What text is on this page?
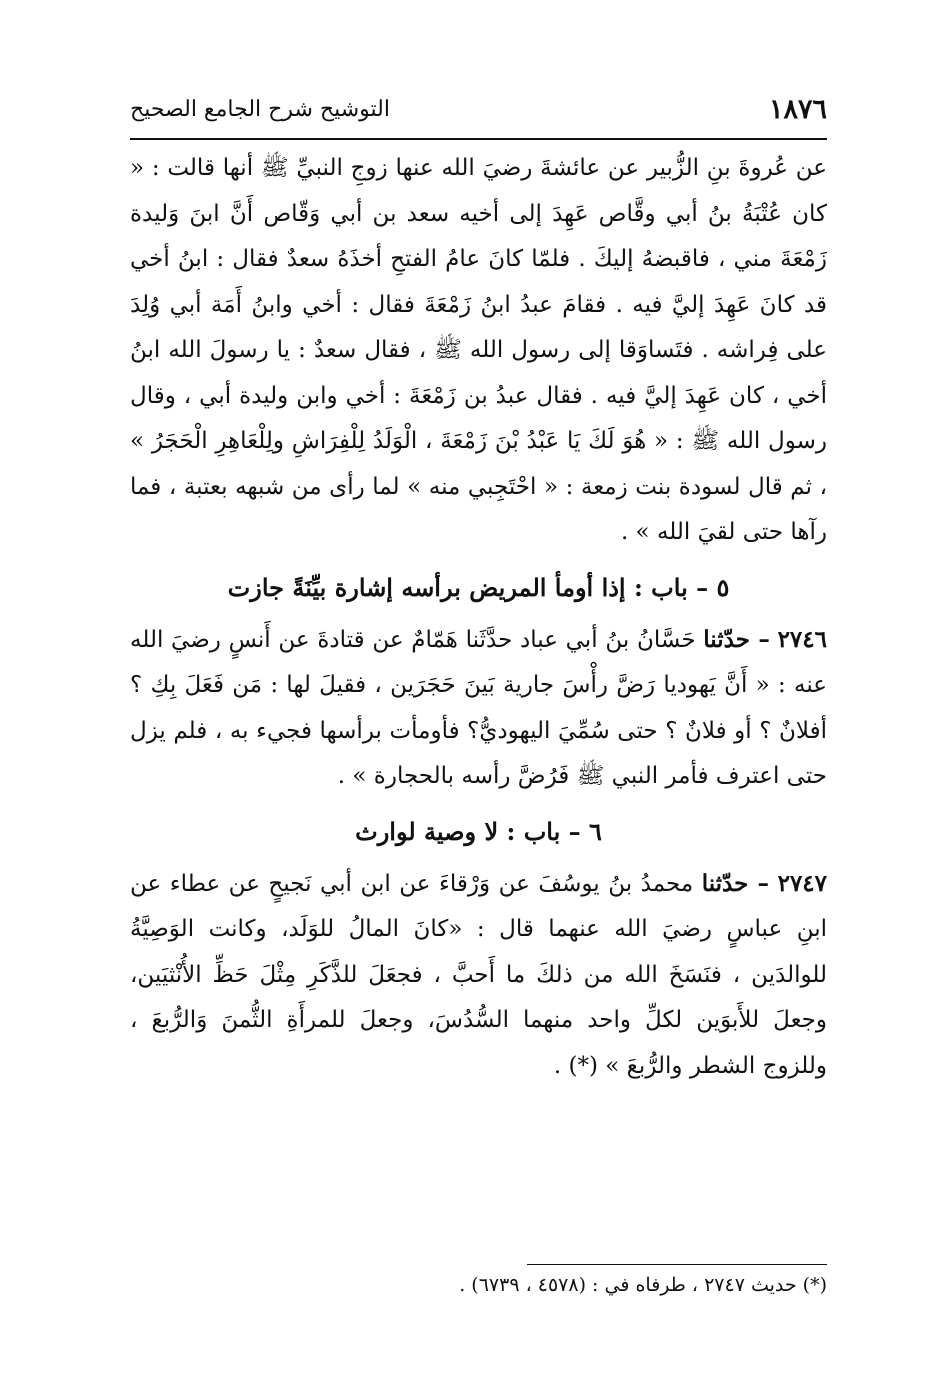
١٨٧٦
التوشيح شرح الجامع الصحيح

عن عُروةَ بنِ الزُّبير عن عائشةَ رضيَ الله عنها زوجِ النبيِّ ﷺ أنها قالت : « كان عُتْبَةُ بنُ أبي وقَّاص عَهِدَ إلى أخيه سعد بن أبي وَقّاص أَنَّ ابنَ وَليدة زَمْعَةَ مني ، فاقبضهُ إليكَ . فلمّا كانَ عامُ الفتحِ أخذَهُ سعدٌ فقال : ابنُ أخي قد كانَ عَهِدَ إليَّ فيه . فقامَ عبدُ ابنُ زَمْعَةَ فقال : أخي وابنُ أَمَة أبي وُلِدَ على فِراشه . فتَساوَقا إلى رسول الله ﷺ ، فقال سعدٌ : يا رسولَ الله ابنُ أخي ، كان عَهِدَ إليَّ فيه . فقال عبدُ بن زَمْعَةَ : أخي وابن وليدة أبي ، وقال رسول الله ﷺ : « هُوَ لَكَ يَا عَبْدُ بْنَ زَمْعَةَ ، الْوَلَدُ لِلْفِرَاشِ ولِلْعَاهِرِ الْحَجَرُ » ، ثم قال لسودة بنت زمعة : « احْتَجِبي منه » لما رأى من شبهه بعتبة ، فما رآها حتى لقيَ الله » .

٥ – باب : إذا أومأ المريض برأسه إشارة بيِّنَةً جازت

٢٧٤٦ – حدّثنا حَسَّانُ بنُ أبي عباد حدَّثَنا هَمّامٌ عن قتادةَ عن أَنسٍ رضيَ الله عنه : « أَنَّ يَهوديا رَضَّ رأْسَ جارية بَينَ حَجَرَين ، فقيلَ لها : مَن فَعَلَ بِكِ ؟ أفلانٌ ؟ أو فلانٌ ؟ حتى سُمِّيَ اليهوديُّ؟ فأومأت برأسها فجيء به ، فلم يزل حتى اعترف فأمر النبي ﷺ فَرُضَّ رأسه بالحجارة » .

٦ – باب : لا وصية لوارث

٢٧٤٧ – حدّثنا محمدُ بنُ يوسُفَ عن وَرْقاءَ عن ابن أبي نَجيحٍ عن عطاء عن ابنِ عباسٍ رضيَ الله عنهما قال : «كانَ المالُ للوَلَد، وكانت الوَصِيَّةُ للوالدَين ، فنَسَخَ الله من ذلكَ ما أَحبَّ ، فجعَلَ للذَّكَرِ مِثْلَ حَظِّ الأُنْثيَين، وجعلَ للأَبوَين لكلِّ واحد منهما السُّدُسَ، وجعلَ للمرأَةِ الثُّمنَ وَالرُّبعَ ، وللزوج الشطر والرُّبعَ » (*) .

(*) حديث ٢٧٤٧ ، طرفاه في : (٤٥٧٨ ، ٦٧٣٩) .
